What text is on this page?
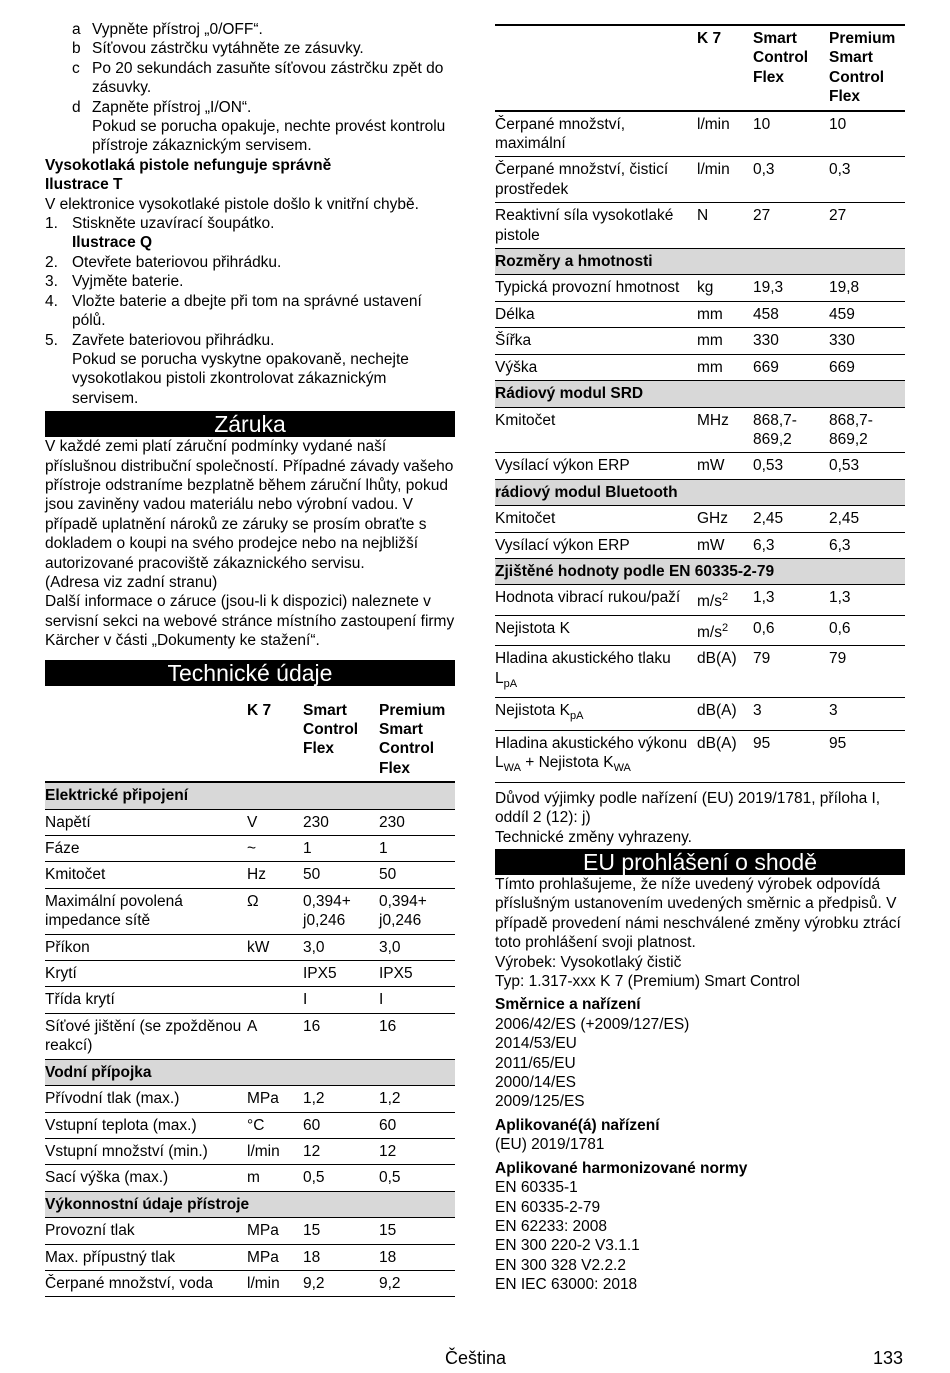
a Vypněte přístroj „0/OFF“.
b Síťovou zástrčku vytáhněte ze zásuvky.
c Po 20 sekundách zasuňte síťovou zástrčku zpět do zásuvky.
d Zapněte přístroj „I/ON“.
Pokud se porucha opakuje, nechte provést kontrolu přístroje zákaznickým servisem.

Vysokotlaká pistole nefunguje správně

Ilustrace T

V elektronice vysokotlaké pistole došlo k vnitřní chybě.

1. Stiskněte uzavírací šoupátko.
Ilustrace Q
2. Otevřete bateriovou přihrádku.
3. Vyjměte baterie.
4. Vložte baterie a dbejte při tom na správné ustavení pólů.
5. Zavřete bateriovou přihrádku.
Pokud se porucha vyskytne opakovaně, nechejte vysokotlakou pistoli zkontrolovat zákaznickým servisem.
Záruka

V každé zemi platí záruční podmínky vydané naší příslušnou distribuční společností. Případné závady vašeho přístroje odstraníme bezplatně během záruční lhůty, pokud jsou zaviněny vadou materiálu nebo výrobní vadou. V případě uplatnění nároků ze záruky se prosím obraťte s dokladem o koupi na svého prodejce nebo na nejbližší autorizované pracoviště zákaznického servisu.

(Adresa viz zadní stranu)

Další informace o záruce (jsou-li k dispozici) naleznete v servisní sekci na webové stránce místního zastoupení firmy Kärcher v části „Dokumenty ke stažení“.

Technické údaje
	K 7	Smart Control Flex	Premium Smart Control Flex
Elektrické připojení			
Napětí	V	230	230
Fáze	~	1	1
Kmitočet	Hz	50	50
Maximální povolená impedance sítě	Ω	0,394+ j0,246	0,394+ j0,246
Příkon	kW	3,0	3,0
Krytí		IPX5	IPX5
Třída krytí		I	I
Síťové jištění (se zpožděnou reakcí)	A	16	16
Vodní přípojka			
Přívodní tlak (max.)	MPa	1,2	1,2
Vstupní teplota (max.)	°C	60	60
Vstupní množství (min.)	l/min	12	12
Sací výška (max.)	m	0,5	0,5
Výkonnostní údaje přístroje			
Provozní tlak	MPa	15	15
Max. přípustný tlak	MPa	18	18
Čerpané množství, voda	l/min	9,2	9,2
	K 7	Smart Control Flex	Premium Smart Control Flex
Čerpané množství, maximální	l/min	10	10
Čerpané množství, čisticí prostředek	l/min	0,3	0,3
Reaktivní síla vysokotlaké pistole	N	27	27
Rozměry a hmotnosti			
Typická provozní hmotnost	kg	19,3	19,8
Délka	mm	458	459
Šířka	mm	330	330
Výška	mm	669	669
Rádiový modul SRD			
Kmitočet	MHz	868,7-869,2	868,7-869,2
Vysílací výkon ERP	mW	0,53	0,53
rádiový modul Bluetooth			
Kmitočet	GHz	2,45	2,45
Vysílací výkon ERP	mW	6,3	6,3
Zjištěné hodnoty podle EN 60335-2-79			
Hodnota vibrací rukou/paží	$m/s^2$	1,3	1,3
Nejistota K	$m/s^2$	0,6	0,6
Hladina akustického tlaku $L_{pA}$	dB(A)	79	79
Nejistota $K_{pA}$	dB(A)	3	3
Hladina akustického výkonu $L_{WA}$ + Nejistota $K_{WA}$	dB(A)	95	95

Důvod výjimky podle nařízení (EU) 2019/1781, příloha I, oddíl 2 (12): j)

Technické změny vyhrazeny.

EU prohlášení o shodě

Tímto prohlašujeme, že níže uvedený výrobek odpovídá příslušným ustanovením uvedených směrnic a předpisů. V případě provedení námi neschválené změny výrobku ztrácí toto prohlášení svoji platnost.

Výrobek: Vysokotlaký čistič

Typ: 1.317-xxx K 7 (Premium) Smart Control

Směrnice a nařízení

2006/42/ES (+2009/127/ES)
2014/53/EU
2011/65/EU
2000/14/ES
2009/125/ES

Aplikované(á) nařízení

(EU) 2019/1781

Aplikované harmonizované normy

EN 60335-1
EN 60335-2-79
EN 62233: 2008
EN 300 220-2 V3.1.1
EN 300 328 V2.2.2
EN IEC 63000: 2018
Čeština	133
